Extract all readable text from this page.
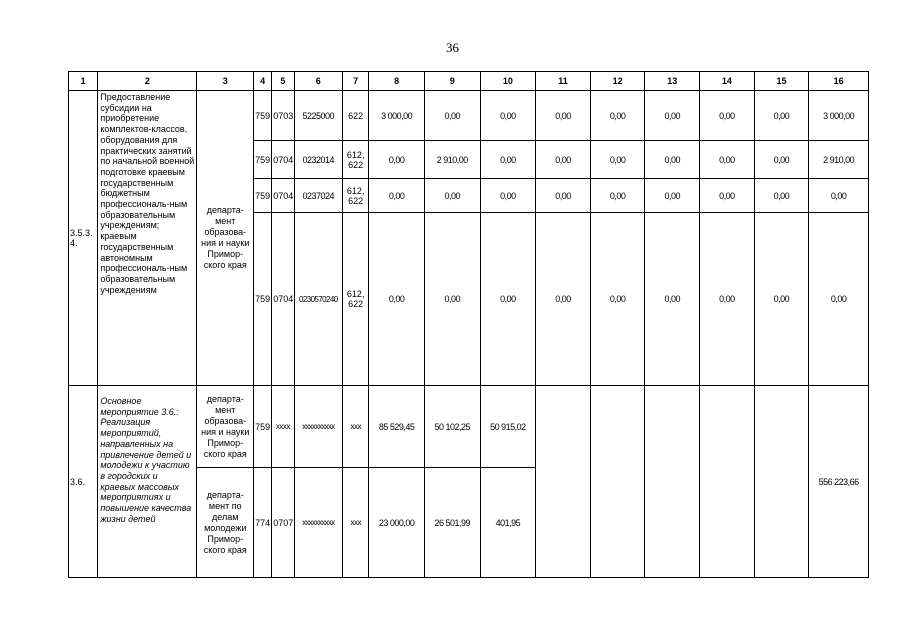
36
1	2	3	4	5	6	7	8	9	10	11	12	13	14	15	16
3.5.3.
4.	Предоставление субсидии на приобретение комплектов-классов, оборудования для практических занятий по начальной военной подготовке краевым государственным бюджетным профессиональ-ным образовательным учреждениям; краевым государственным автономным профессиональ-ным образовательным учреждениям	департа-мент образова-ния и науки Примор-ского края	759	0703	5225000	622	3 000,00	0,00	0,00	0,00	0,00	0,00	0,00	0,00	3 000,00
			759	0704	0232014	612, 622	0,00	2 910,00	0,00	0,00	0,00	0,00	0,00	0,00	2 910,00
			759	0704	0237024	612, 622	0,00	0,00	0,00	0,00	0,00	0,00	0,00	0,00	0,00
			759	0704	0230570240	612, 622	0,00	0,00	0,00	0,00	0,00	0,00	0,00	0,00	0,00
3.6.	Основное мероприятие 3.6.: Реализация мероприятий, направленных на привлечение детей и молодежи к участию в городских и краевых массовых мероприятиях и повышение качества жизни детей	департа-мент образова-ния и науки Примор-ского края	759	xxxx	xxxxxxxxxx	xxx	85 529,45	50 102,25	50 915,02						556 223,66
		департа-мент по делам молодежи Примор-ского края	774	0707	xxxxxxxxxx	xxx	23 000,00	26 501,99	401,95						
